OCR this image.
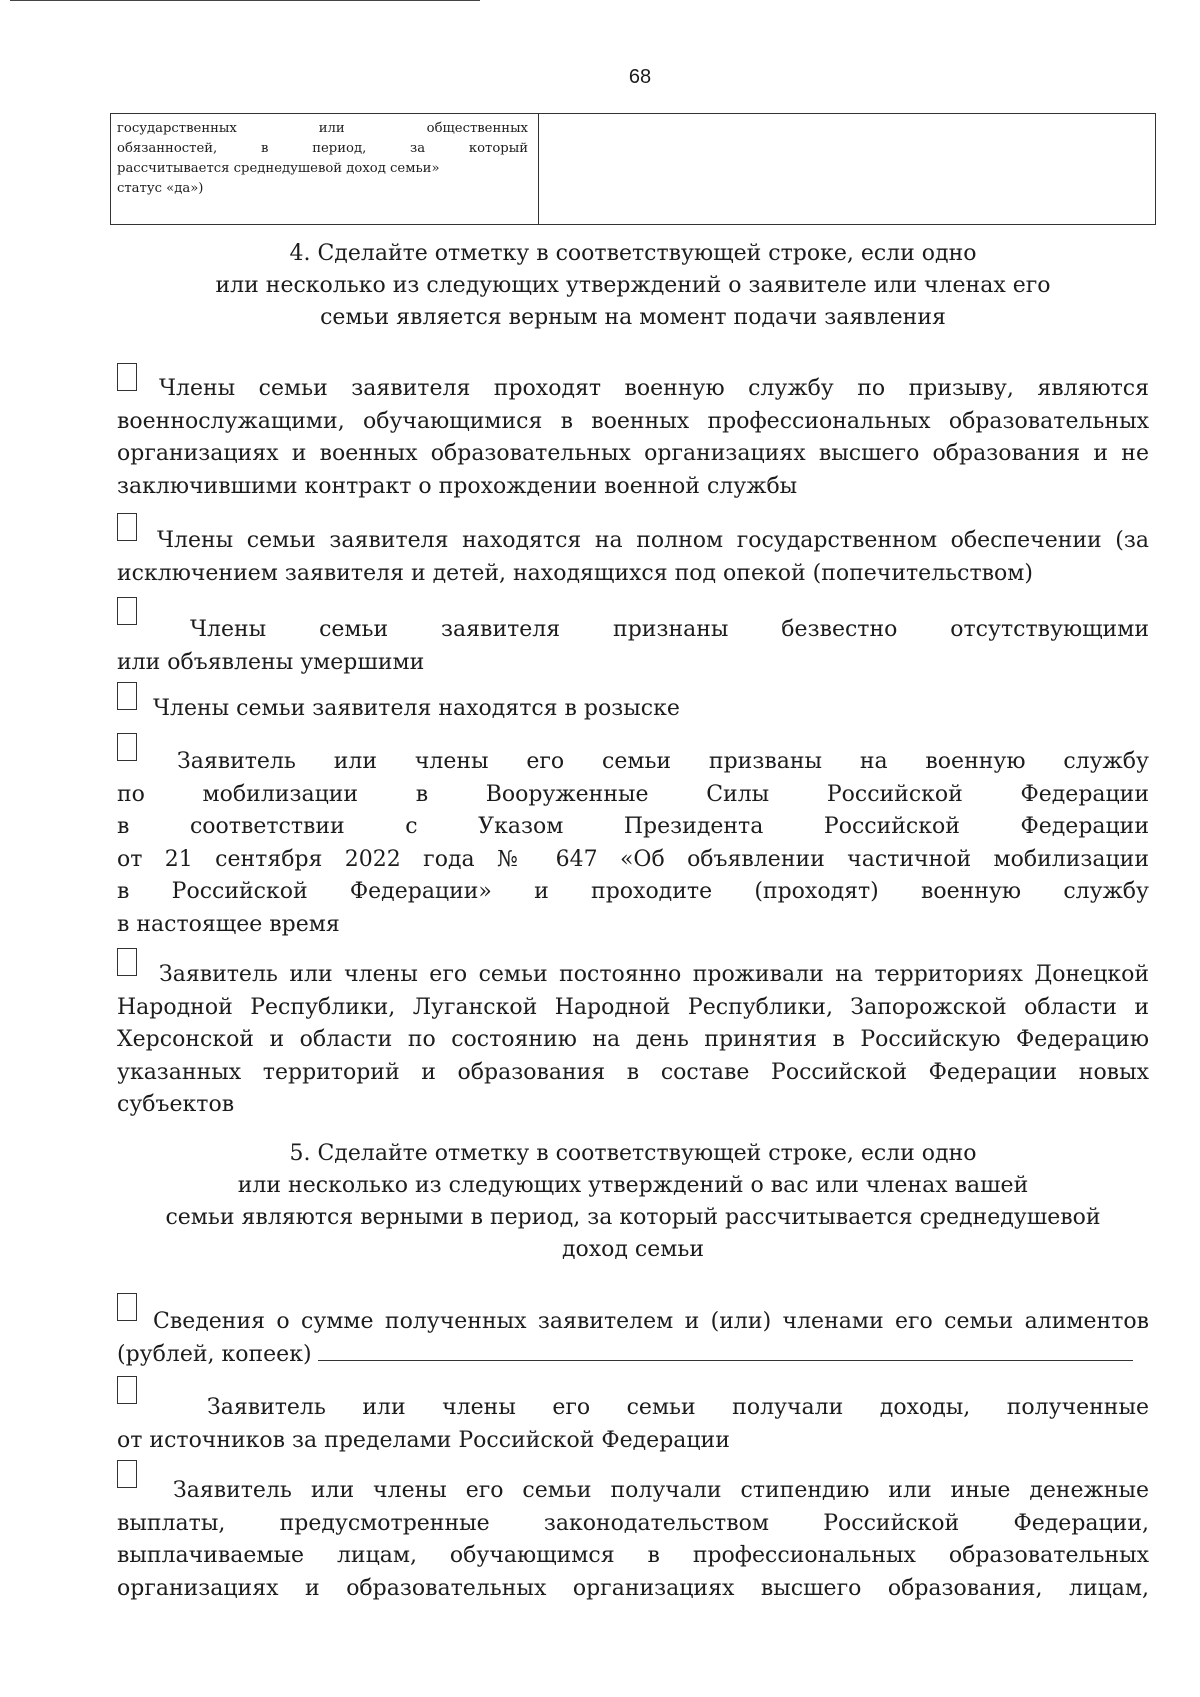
68
государственных или общественных
обязанностей, в период, за который
рассчитывается среднедушевой доход семьи»
статус «да»)
4. Сделайте отметку в соответствующей строке, если одно
или несколько из следующих утверждений о заявителе или членах его
семьи является верным на момент подачи заявления
Члены семьи заявителя проходят военную службу по призыву, являются
военнослужащими, обучающимися в военных профессиональных образовательных
организациях и военных образовательных организациях высшего образования и не
заключившими контракт о прохождении военной службы
Члены семьи заявителя находятся на полном государственном обеспечении (за
исключением заявителя и детей, находящихся под опекой (попечительством)
Члены семьи заявителя признаны безвестно отсутствующими
или объявлены умершими
Члены семьи заявителя находятся в розыске
Заявитель или члены его семьи призваны на военную службу
по мобилизации в Вооруженные Силы Российской Федерации
в соответствии с Указом Президента Российской Федерации
от 21 сентября 2022 года № 647 «Об объявлении частичной мобилизации
в Российской Федерации» и проходите (проходят) военную службу
в настоящее время
Заявитель или члены его семьи постоянно проживали на территориях Донецкой
Народной Республики, Луганской Народной Республики, Запорожской области и
Херсонской и области по состоянию на день принятия в Российскую Федерацию
указанных территорий и образования в составе Российской Федерации новых
субъектов
5. Сделайте отметку в соответствующей строке, если одно
или несколько из следующих утверждений о вас или членах вашей
семьи являются верными в период, за который рассчитывается среднедушевой
доход семьи
Сведения о сумме полученных заявителем и (или) членами его семьи алиментов
(рублей, копеек)
Заявитель или члены его семьи получали доходы, полученные
от источников за пределами Российской Федерации
Заявитель или члены его семьи получали стипендию или иные денежные
выплаты, предусмотренные законодательством Российской Федерации,
выплачиваемые лицам, обучающимся в профессиональных образовательных
организациях и образовательных организациях высшего образования, лицам,
